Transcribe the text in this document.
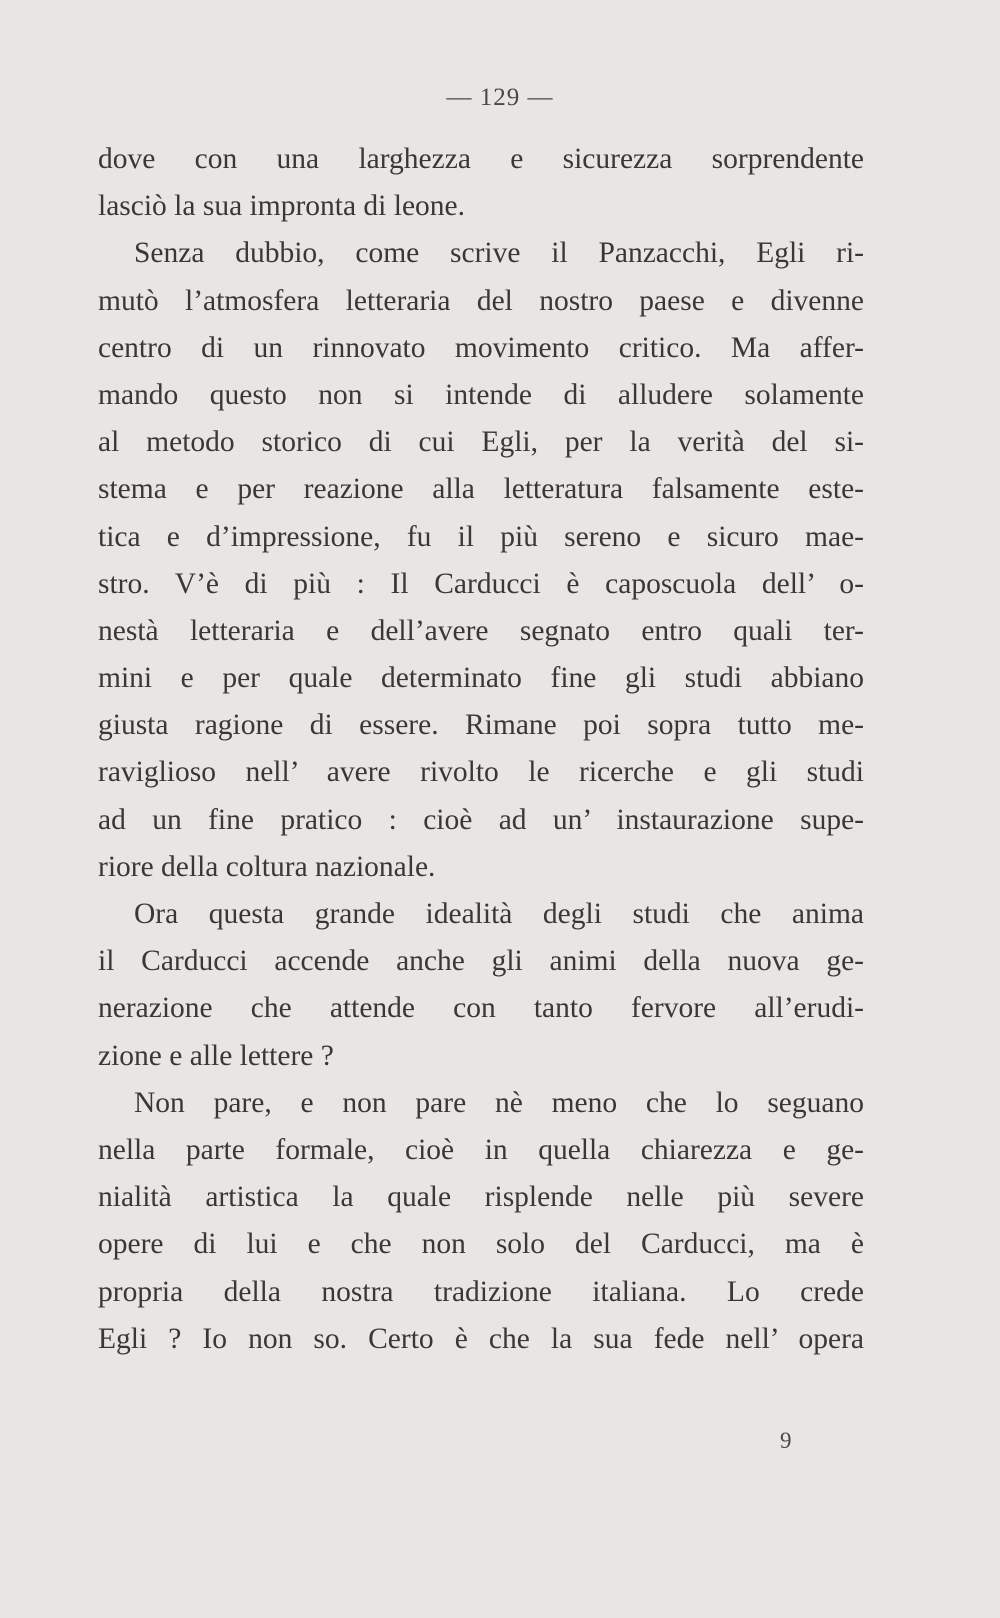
— 129 —
dove con una larghezza e sicurezza sorprendente
lasciò la sua impronta di leone.
Senza dubbio, come scrive il Panzacchi, Egli ri-
mutò l’atmosfera letteraria del nostro paese e divenne
centro di un rinnovato movimento critico. Ma affer-
mando questo non si intende di alludere solamente
al metodo storico di cui Egli, per la verità del si-
stema e per reazione alla letteratura falsamente este-
tica e d’impressione, fu il più sereno e sicuro mae-
stro. V’è di più : Il Carducci è caposcuola dell’ o-
nestà letteraria e dell’avere segnato entro quali ter-
mini e per quale determinato fine gli studi abbiano
giusta ragione di essere. Rimane poi sopra tutto me-
raviglioso nell’ avere rivolto le ricerche e gli studi
ad un fine pratico : cioè ad un’ instaurazione supe-
riore della coltura nazionale.
Ora questa grande idealità degli studi che anima
il Carducci accende anche gli animi della nuova ge-
nerazione che attende con tanto fervore all’erudi-
zione e alle lettere ?
Non pare, e non pare nè meno che lo seguano
nella parte formale, cioè in quella chiarezza e ge-
nialità artistica la quale risplende nelle più severe
opere di lui e che non solo del Carducci, ma è
propria della nostra tradizione italiana. Lo crede
Egli ? Io non so. Certo è che la sua fede nell’ opera
9
